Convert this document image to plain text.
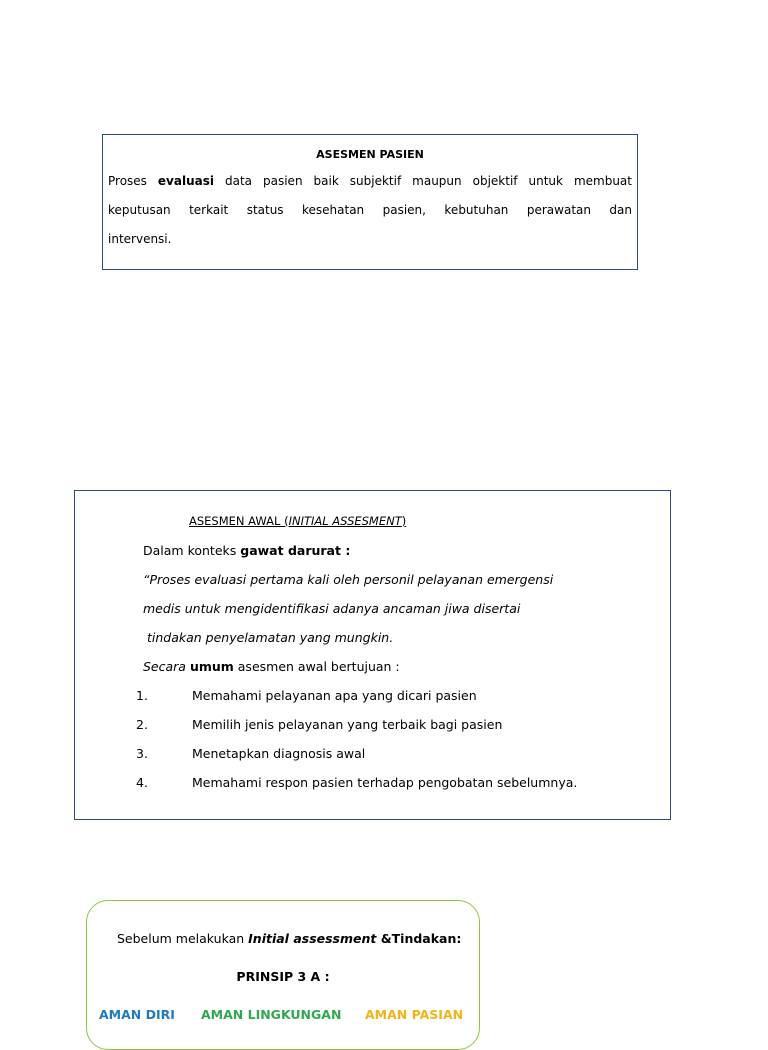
ASESMEN PASIEN

Proses evaluasi data pasien baik subjektif maupun objektif untuk membuat

keputusan terkait status kesehatan pasien, kebutuhan perawatan dan

intervensi.

ASESMEN AWAL (INITIAL ASSESMENT)
Dalam konteks gawat darurat :
“Proses evaluasi pertama kali oleh personil pelayanan emergensi
medis untuk mengidentifikasi adanya ancaman jiwa disertai
tindakan penyelamatan yang mungkin.
Secara umum asesmen awal bertujuan :
1.	Memahami pelayanan apa yang dicari pasien
2.	Memilih jenis pelayanan yang terbaik bagi pasien
3.	Menetapkan diagnosis awal
4.	Memahami respon pasien terhadap pengobatan sebelumnya.
Sebelum melakukan Initial assessment &Tindakan:
PRINSIP 3 A :
AMAN DIRI AMAN LINGKUNGAN AMAN PASIAN
